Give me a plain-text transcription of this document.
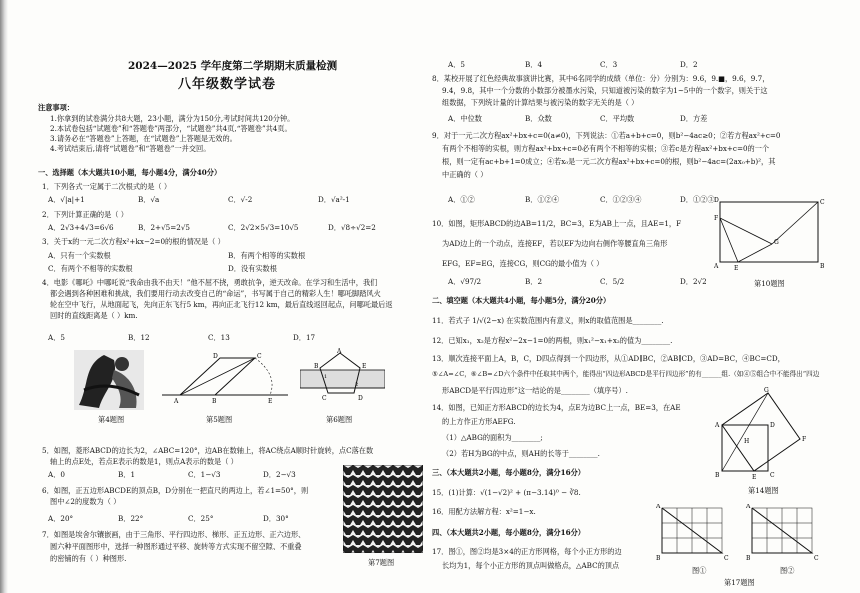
2024—2025 学年度第二学期期末质量检测
八年级数学试卷
注意事项：
1.你拿到的试卷满分共8大题，23小题，满分为150分,考试时间共120分钟。
2.本试卷包括“试题卷”和“答题卷”两部分，“试题卷”共4页,“答题卷”共4页。
3.请务必在“答题卷”上答题，在“试题卷”上答题是无效的。
4.考试结束后,请将“试题卷”和“答题卷”一并交回。
一、选择题（本大题共10小题，每小题4分，满分40分）
1．下列各式一定属于二次根式的是（ ）
A．√|a|+1	B．√a	C．√-2	D．√a²-1
2．下列计算正确的是（ ）
A．2√3+4√3=6√6	B．2+√5=2√5	C．2√2×5√3=10√5	D．√8÷√2=2
3．关于x的一元二次方程x²+kx−2=0的根的情况是（ ）
A．只有一个实数根	B．有两个相等的实数根
C．有两个不相等的实数根	D．没有实数根
4．电影《哪吒》中哪吒说“我命由我不由天！”他不屈不挠，勇敢抗争，逆天改命。在学习和生活中，我们
都会遇到各种困难和挑战，我们要用行动去改变自己的“命运”，书写属于自己的精彩人生！哪吒脚踏风火
轮在空中飞行，从地面起飞，先向正东飞行5 km，再向正北飞行12 km，最后直线返回起点，问哪吒最后返
回时的直线距离是（ ）km.
A．5	B．12	C．13	D．17
A	B
C
D
E
A
B
D
C
E
1
2
第4题图	第5题图	第6题图
5．如图，菱形ABCD的边长为2，∠ABC=120°，边AB在数轴上，将AC绕点A顺时针旋转，点C落在数
轴上的点E处，若点E表示的数是1，则点A表示的数是（ ）
A．0	B．1	C．1−√3	D．2−√3
6．如图，正五边形ABCDE的顶点B，D分别在一把直尺的两边上，若∠1=50°，则
图中∠2的度数为（ ）
A．20°	B．22°	C．25°	D．30°
7．如图是埃舍尔镶嵌画，由于三角形、平行四边形、梯形、正五边形、正六边形、
圆六种平面图形中，选择一种图形通过平移、旋转等方式实现不留空隙、不重叠
的密铺的有（ ）种图形.	第7题图
A．5	B．4	C．3	D．2
8．某校开展了红色经典故事演讲比赛，其中6名同学的成绩（单位：分）分别为：9.6，9.■，9.6，9.7，
9.4，9.8，其中一个分数的小数部分被墨水污染，只知道被污染的数字为1~5中的一个数字，则关于这
组数据，下列统计量的计算结果与被污染的数字无关的是（ ）
A．中位数	B．众数	C．平均数	D．方差
9．对于一元二次方程ax²+bx+c=0(a≠0)，下列说法：①若a+b+c=0，则b²−4ac≥0；②若方程ax²+c=0
有两个不相等的实根，则方程ax²+bx+c=0必有两个不相等的实根；③若c是方程ax²+bx+c=0的一个
根，则一定有ac+b+1=0成立；④若x₀是一元二次方程ax²+bx+c=0的根，则b²−4ac=(2ax₀+b)²，其
中正确的（ ）
A．①②	B．①②④	C．①②③④	D．①②③
10．如图，矩形ABCD的边AB=11/2，BC=3，E为AB上一点，且AE=1，F
为AD边上的一个动点，连接EF，若以EF为边向右侧作等腰直角三角形
EFG，EF=EG，连接CG，则CG的最小值为（ ）
A．√97/2	B．2	C．5/2	D．2√2
D	C
A	B
E
F
G
第10题图
二、填空题（本大题共4小题，每小题5分，满分20分）
11．若式子 1/√(2−x) 在实数范围内有意义，则x的取值范围是________.
12．已知x₁，x₂是方程x²−2x−1=0的两根，则x₁²−x₁+x₂的值为________.
13．顺次连接平面上A，B，C，D四点得到一个四边形，从①AD∥BC，②AB∥CD，③AD=BC，④BC=CD，
⑤∠A=∠C，⑥∠B=∠D六个条件中任取其中两个，能得出“四边形ABCD是平行四边形”的有______组.（如④⑤组合中不能得出“四边
形ABCD是平行四边形”这一结论的是________（填序号）.
14．如图，已知正方形ABCD的边长为4，点E为边BC上一点，BE=3，在AE
的上方作正方形AEFG.
（1）△ABG的面积为________;
（2）若H为BG的中点，则AH的长等于________.
A
B	E C
D
G
F
H
第14题图
三、（本大题共2小题，每小题8分，满分16分）
15．(1)计算：√(1−√2)² + (π−3.14)⁰ − ∛8.
16．用配方法解方程：x²=1−x.
四、（本大题共2小题，每小题8分，满分16分）
17．图①，图②均是3×4的正方形网格，每个小正方形的边
长均为1，每个小正方形的顶点叫做格点，△ABC的顶点
A
B	C
A
B	C
图①	图②
第17题图
